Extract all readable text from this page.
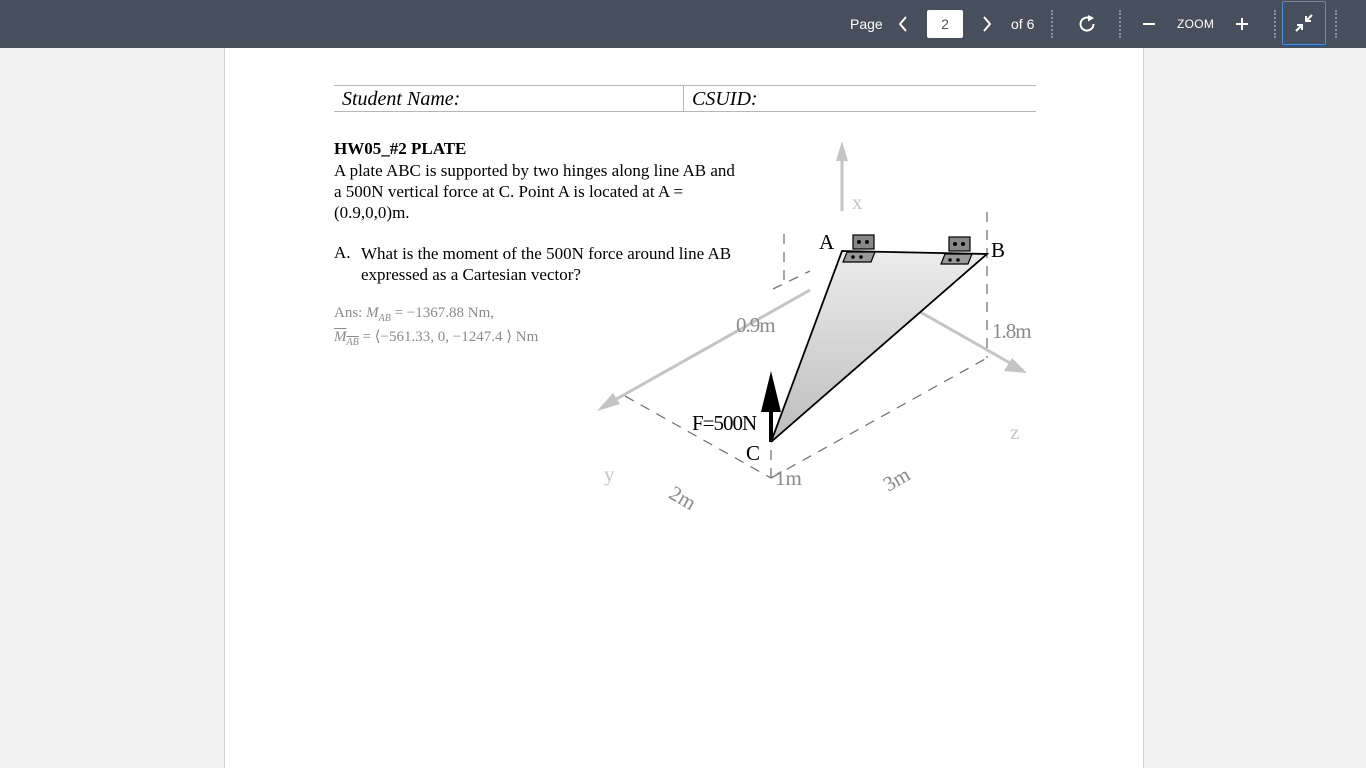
Page
2	of 6	ZOOM
Student Name:	CSUID:
HW05_#2 PLATE
A plate ABC is supported by two hinges along line AB and a 500N vertical force at C. Point A is located at A = (0.9,0,0)m.
A. What is the moment of the 500N force around line AB expressed as a Cartesian vector?
Ans: $M_{AB} = -1367.88$ Nm,
$M_{AB}$ = ⟨−561.33, 0, −1247.4 ⟩ Nm
x
y
z
A	B
C
F=500N
0.9m	1.8m
1m
2m
3m
